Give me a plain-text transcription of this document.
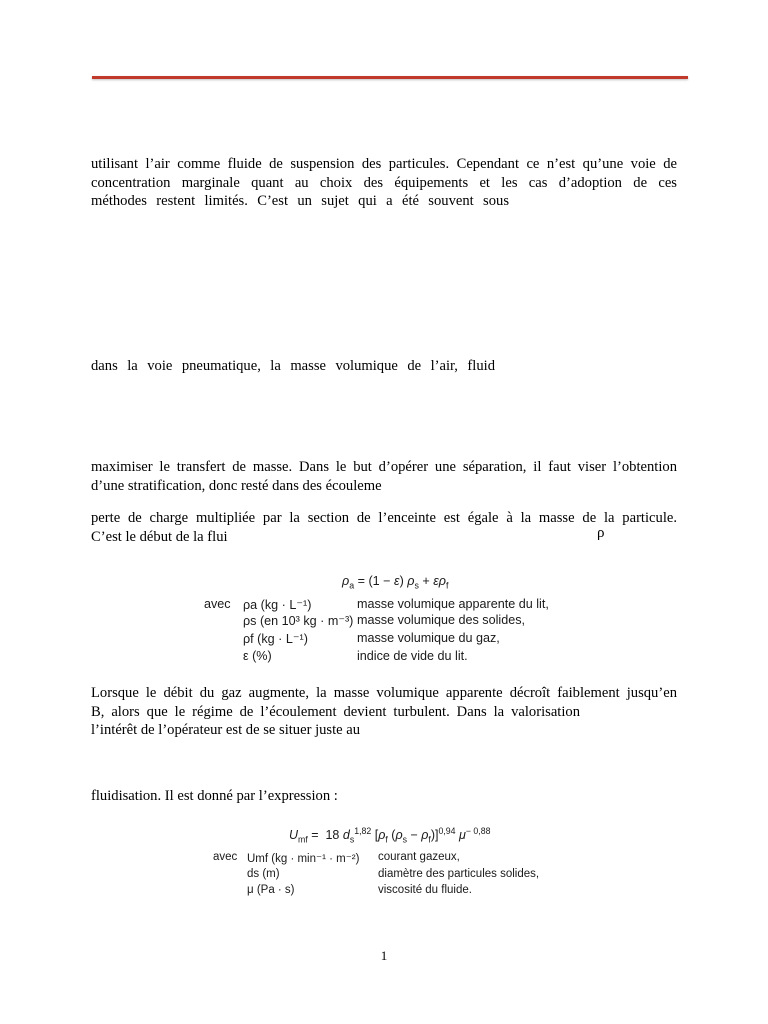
utilisant l’air comme fluide de suspension des particules. Cependant ce n’est qu’une voie de
concentration marginale quant au choix des équipements et les cas d’adoption de ces
méthodes restent limités. C’est un sujet qui a été souvent sous
dans la voie pneumatique, la masse volumique de l’air, fluid
maximiser le transfert de masse. Dans le but d’opérer une séparation, il faut viser l’obtention
d’une stratification, donc resté dans des écouleme
perte de charge multipliée par la section de l’enceinte est égale à la masse de la particule.
C’est le début de la flui	ρ
$\rho_a = (1 - \varepsilon) \rho_s + \varepsilon\rho_f$
avec ρa (kg · L⁻¹)	masse volumique apparente du lit,
ρs (en 10³ kg · m⁻³) masse volumique des solides,
ρf (kg · L⁻¹)	masse volumique du gaz,
ε (%)	indice de vide du lit.
Lorsque le débit du gaz augmente, la masse volumique apparente décroît faiblement jusqu’en
B, alors que le régime de l’écoulement devient turbulent. Dans la valorisation
l’intérêt de l’opérateur est de se situer juste au
fluidisation. Il est donné par l’expression :
$U_{mf} = 18$ $d_s^{1,82}$ [$\rho_f$ $(\rho_s - \rho_f)]^{0,94}$ $\mu^{- 0,88}$
avec Umf (kg · min⁻¹ · m⁻²) courant gazeux,
ds (m)	diamètre des particules solides,
μ (Pa · s)	viscosité du fluide.
1
